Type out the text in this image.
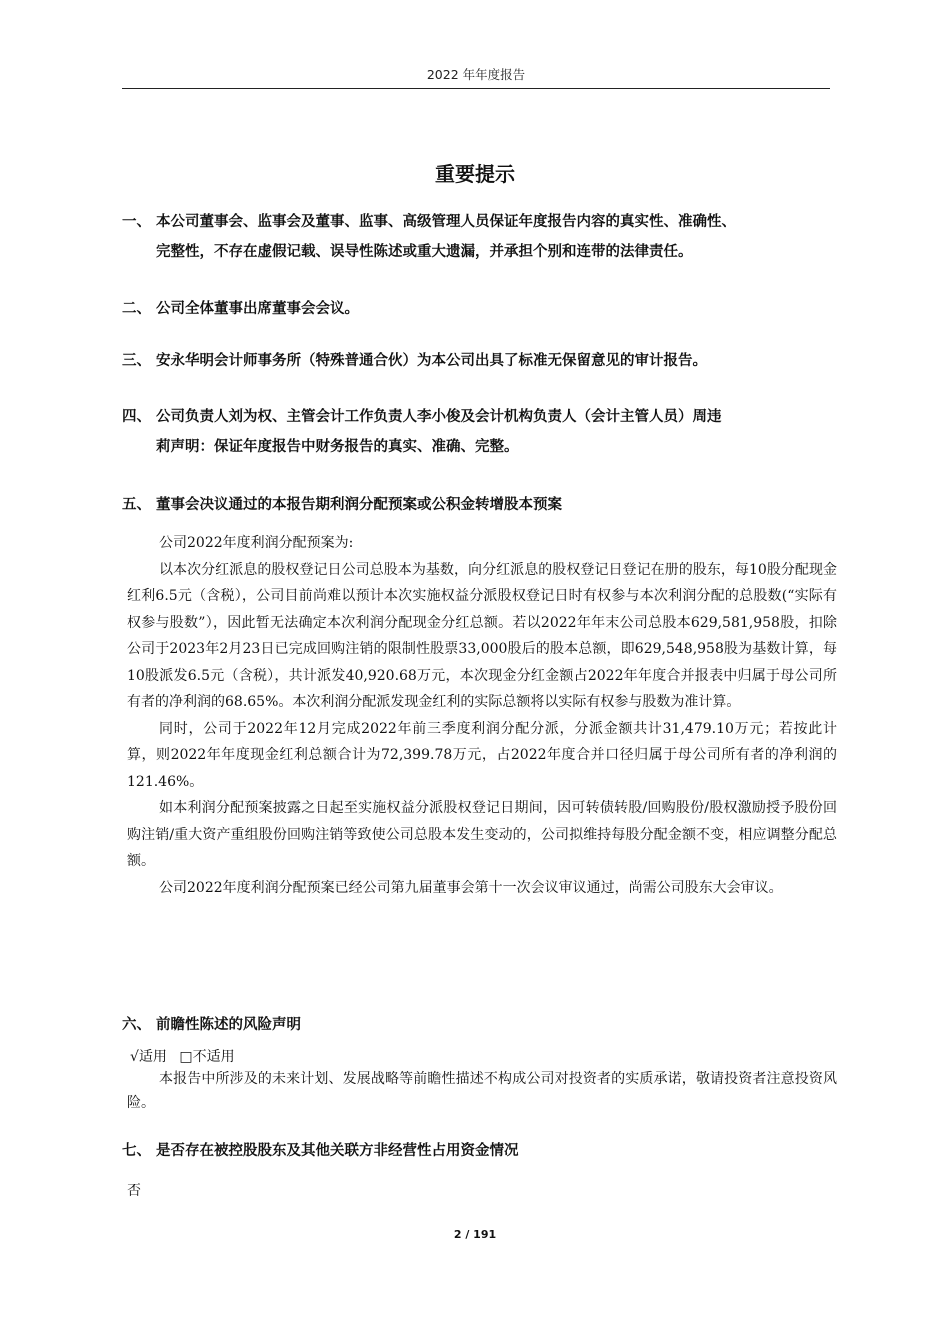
2022 年年度报告
重要提示
一、 本公司董事会、监事会及董事、监事、高级管理人员保证年度报告内容的真实性、准确性、
完整性，不存在虚假记载、误导性陈述或重大遗漏，并承担个别和连带的法律责任。
二、 公司全体董事出席董事会会议。
三、 安永华明会计师事务所（特殊普通合伙）为本公司出具了标准无保留意见的审计报告。
四、 公司负责人刘为权、主管会计工作负责人李小俊及会计机构负责人（会计主管人员）周违
莉声明：保证年度报告中财务报告的真实、准确、完整。
五、 董事会决议通过的本报告期利润分配预案或公积金转增股本预案

公司2022年度利润分配预案为:

以本次分红派息的股权登记日公司总股本为基数，向分红派息的股权登记日登记在册的股东，每10股分配现金红利6.5元（含税），公司目前尚难以预计本次实施权益分派股权登记日时有权参与本次利润分配的总股数(“实际有权参与股数”），因此暂无法确定本次利润分配现金分红总额。若以2022年年末公司总股本629,581,958股，扣除公司于2023年2月23日已完成回购注销的限制性股票33,000股后的股本总额，即629,548,958股为基数计算，每10股派发6.5元（含税），共计派发40,920.68万元，本次现金分红金额占2022年年度合并报表中归属于母公司所有者的净利润的68.65%。本次利润分配派发现金红利的实际总额将以实际有权参与股数为准计算。

同时，公司于2022年12月完成2022年前三季度利润分配分派，分派金额共计31,479.10万元；若按此计算，则2022年年度现金红利总额合计为72,399.78万元，占2022年度合并口径归属于母公司所有者的净利润的121.46%。

如本利润分配预案披露之日起至实施权益分派股权登记日期间，因可转债转股/回购股份/股权激励授予股份回购注销/重大资产重组股份回购注销等致使公司总股本发生变动的，公司拟维持每股分配金额不变，相应调整分配总额。

公司2022年度利润分配预案已经公司第九届董事会第十一次会议审议通过，尚需公司股东大会审议。

六、 前瞻性陈述的风险声明
√适用 □不适用

本报告中所涉及的未来计划、发展战略等前瞻性描述不构成公司对投资者的实质承诺，敬请投资者注意投资风险。

七、 是否存在被控股股东及其他关联方非经营性占用资金情况
否
2 / 191
